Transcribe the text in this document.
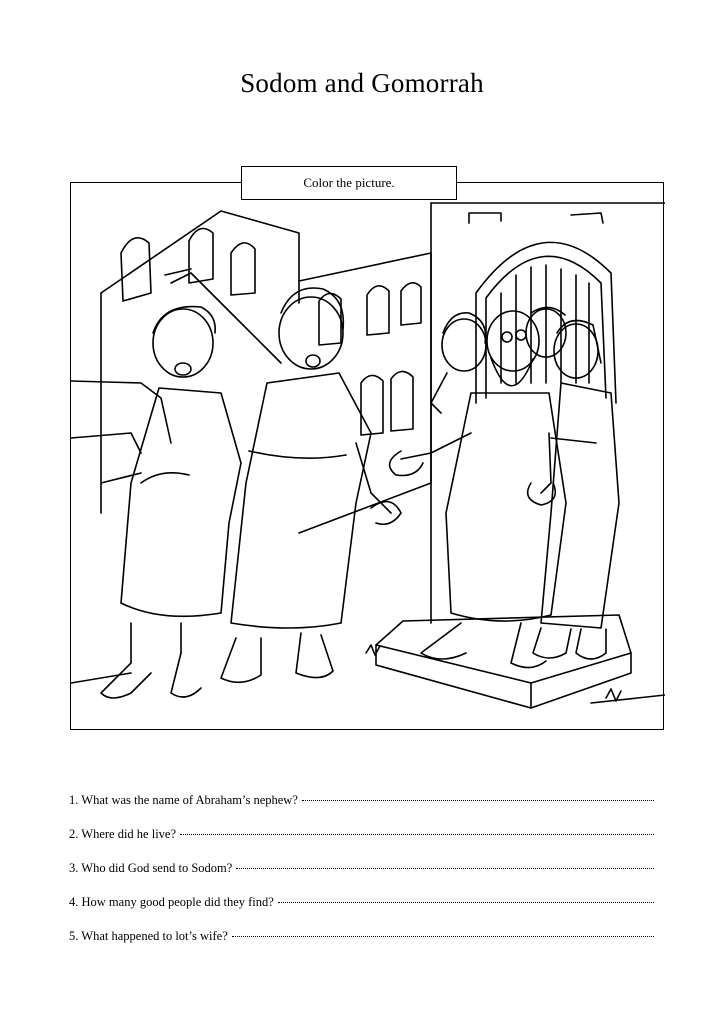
Sodom and Gomorrah
Color the picture.
1. What was the name of Abraham’s nephew?
2. Where did he live?
3. Who did God send to Sodom?
4. How many good people did they find?
5. What happened to lot’s wife?
